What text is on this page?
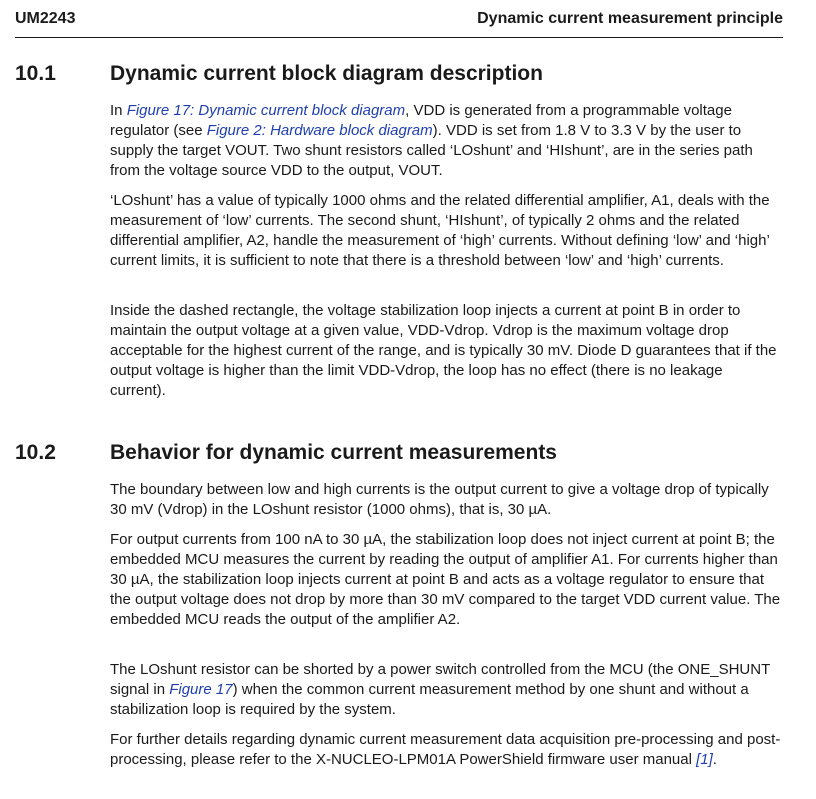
UM2243	Dynamic current measurement principle
10.1	Dynamic current block diagram description

In Figure 17: Dynamic current block diagram, VDD is generated from a programmable voltage regulator (see Figure 2: Hardware block diagram). VDD is set from 1.8 V to 3.3 V by the user to supply the target VOUT. Two shunt resistors called ‘LOshunt’ and ‘HIshunt’, are in the series path from the voltage source VDD to the output, VOUT.

‘LOshunt’ has a value of typically 1000 ohms and the related differential amplifier, A1, deals with the measurement of ‘low’ currents. The second shunt, ‘HIshunt’, of typically 2 ohms and the related differential amplifier, A2, handle the measurement of ‘high’ currents. Without defining ‘low’ and ‘high’ current limits, it is sufficient to note that there is a threshold between ‘low’ and ‘high’ currents.

Inside the dashed rectangle, the voltage stabilization loop injects a current at point B in order to maintain the output voltage at a given value, VDD-Vdrop. Vdrop is the maximum voltage drop acceptable for the highest current of the range, and is typically 30 mV. Diode D guarantees that if the output voltage is higher than the limit VDD-Vdrop, the loop has no effect (there is no leakage current).

10.2	Behavior for dynamic current measurements

The boundary between low and high currents is the output current to give a voltage drop of typically 30 mV (Vdrop) in the LOshunt resistor (1000 ohms), that is, 30 µA.

For output currents from 100 nA to 30 µA, the stabilization loop does not inject current at point B; the embedded MCU measures the current by reading the output of amplifier A1. For currents higher than 30 µA, the stabilization loop injects current at point B and acts as a voltage regulator to ensure that the output voltage does not drop by more than 30 mV compared to the target VDD current value. The embedded MCU reads the output of the amplifier A2.

The LOshunt resistor can be shorted by a power switch controlled from the MCU (the ONE_SHUNT signal in Figure 17) when the common current measurement method by one shunt and without a stabilization loop is required by the system.

For further details regarding dynamic current measurement data acquisition pre-processing and post-processing, please refer to the X-NUCLEO-LPM01A PowerShield firmware user manual [1].
